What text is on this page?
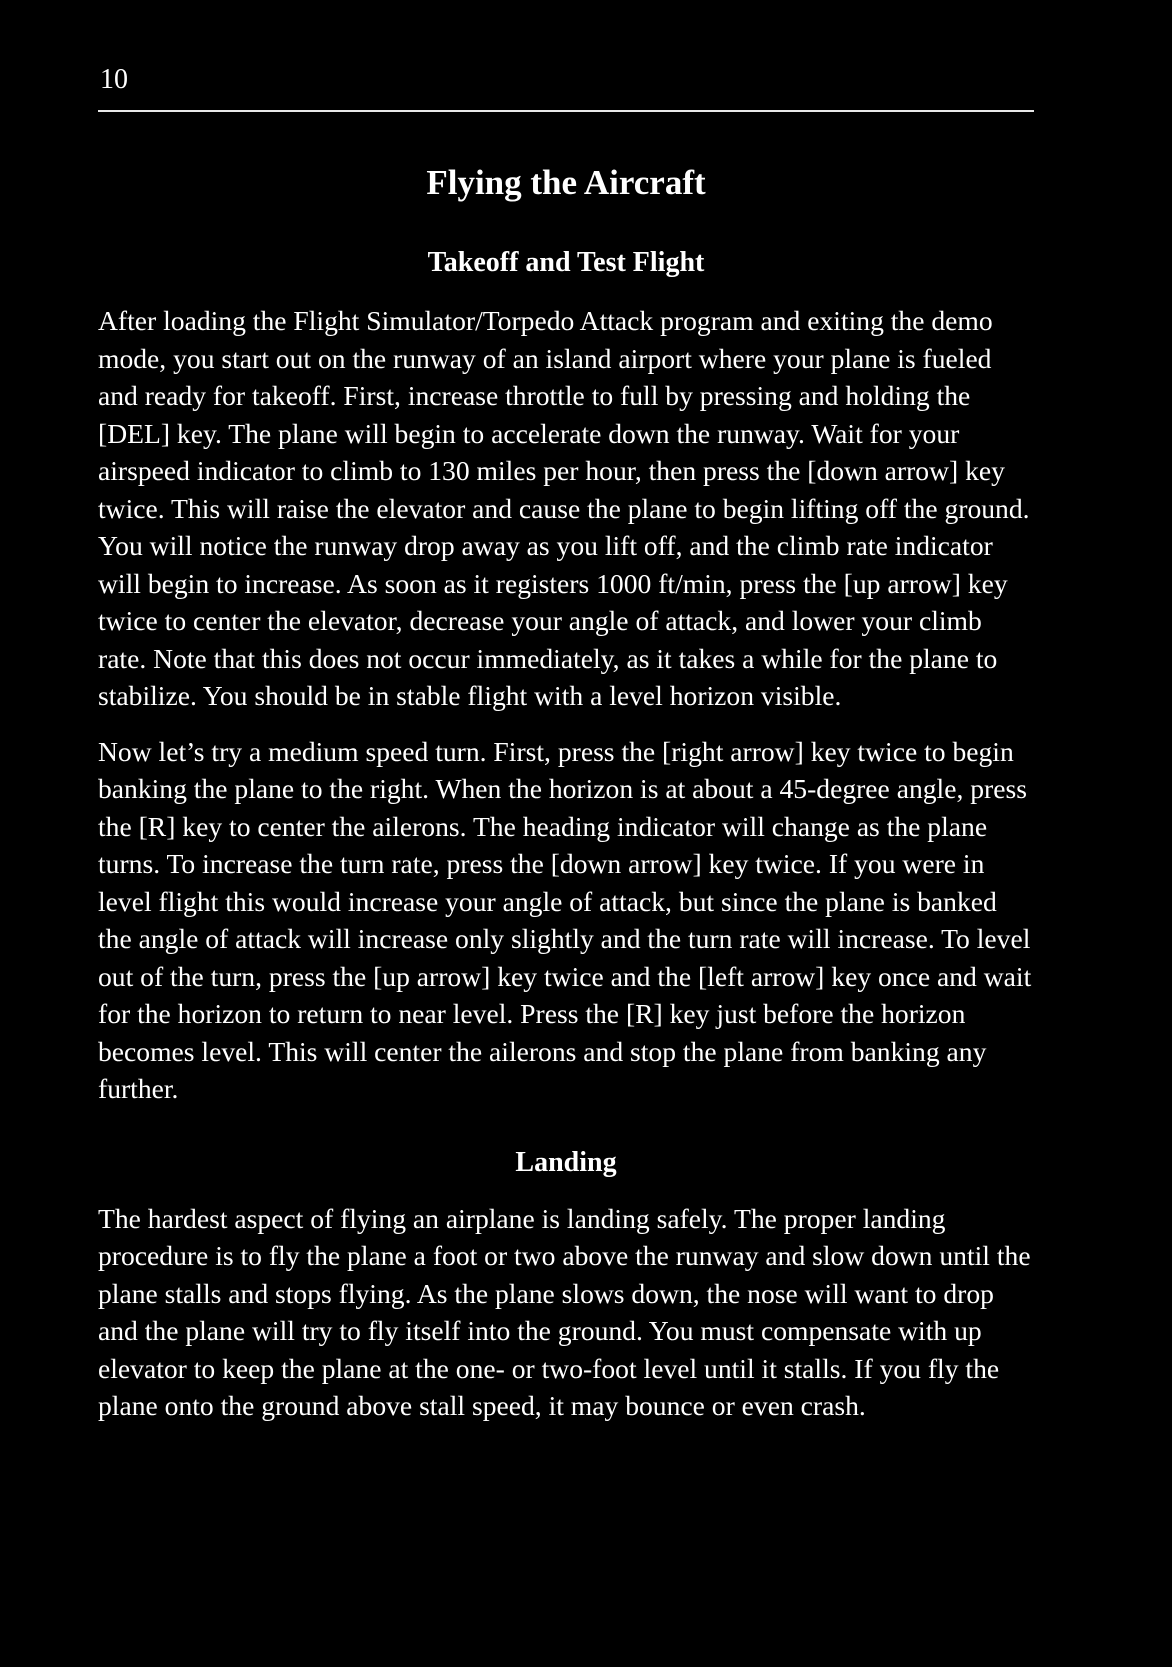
10
Flying the Aircraft
Takeoff and Test Flight

After loading the Flight Simulator/Torpedo Attack program and exiting the demo mode, you start out on the runway of an island airport where your plane is fueled and ready for takeoff. First, increase throttle to full by pressing and holding the [DEL] key. The plane will begin to accelerate down the runway. Wait for your airspeed indicator to climb to 130 miles per hour, then press the [down arrow] key twice. This will raise the elevator and cause the plane to begin lifting off the ground. You will notice the runway drop away as you lift off, and the climb rate indicator will begin to increase. As soon as it registers 1000 ft/min, press the [up arrow] key twice to center the elevator, decrease your angle of attack, and lower your climb rate. Note that this does not occur immediately, as it takes a while for the plane to stabilize. You should be in stable flight with a level horizon visible.

Now let’s try a medium speed turn. First, press the [right arrow] key twice to begin banking the plane to the right. When the horizon is at about a 45-degree angle, press the [R] key to center the ailerons. The heading indicator will change as the plane turns. To increase the turn rate, press the [down arrow] key twice. If you were in level flight this would increase your angle of attack, but since the plane is banked the angle of attack will increase only slightly and the turn rate will increase. To level out of the turn, press the [up arrow] key twice and the [left arrow] key once and wait for the horizon to return to near level. Press the [R] key just before the horizon becomes level. This will center the ailerons and stop the plane from banking any further.

Landing

The hardest aspect of flying an airplane is landing safely. The proper landing procedure is to fly the plane a foot or two above the runway and slow down until the plane stalls and stops flying. As the plane slows down, the nose will want to drop and the plane will try to fly itself into the ground. You must compensate with up elevator to keep the plane at the one- or two-foot level until it stalls. If you fly the plane onto the ground above stall speed, it may bounce or even crash.
